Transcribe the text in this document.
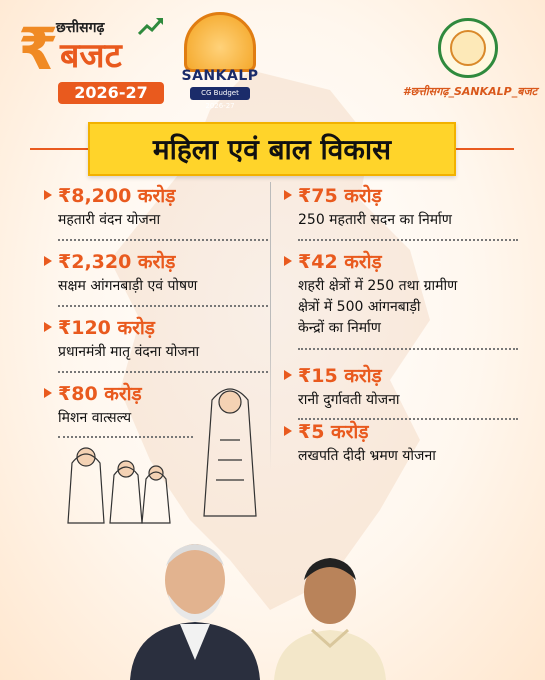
₹
छत्तीसगढ़
बजट
2026-27
SANKALP
CG Budget 2026-27
#छत्तीसगढ़_SANKALP_बजट
महिला एवं बाल विकास
₹8,200 करोड़
महतारी वंदन योजना
₹2,320 करोड़
सक्षम आंगनबाड़ी एवं पोषण
₹120 करोड़
प्रधानमंत्री मातृ वंदना योजना
₹80 करोड़
मिशन वात्सल्य
₹75 करोड़
250 महतारी सदन का निर्माण
₹42 करोड़
शहरी क्षेत्रों में 250 तथा ग्रामीण
क्षेत्रों में 500 आंगनबाड़ी
केन्द्रों का निर्माण
₹15 करोड़
रानी दुर्गावती योजना
₹5 करोड़
लखपति दीदी भ्रमण योजना
